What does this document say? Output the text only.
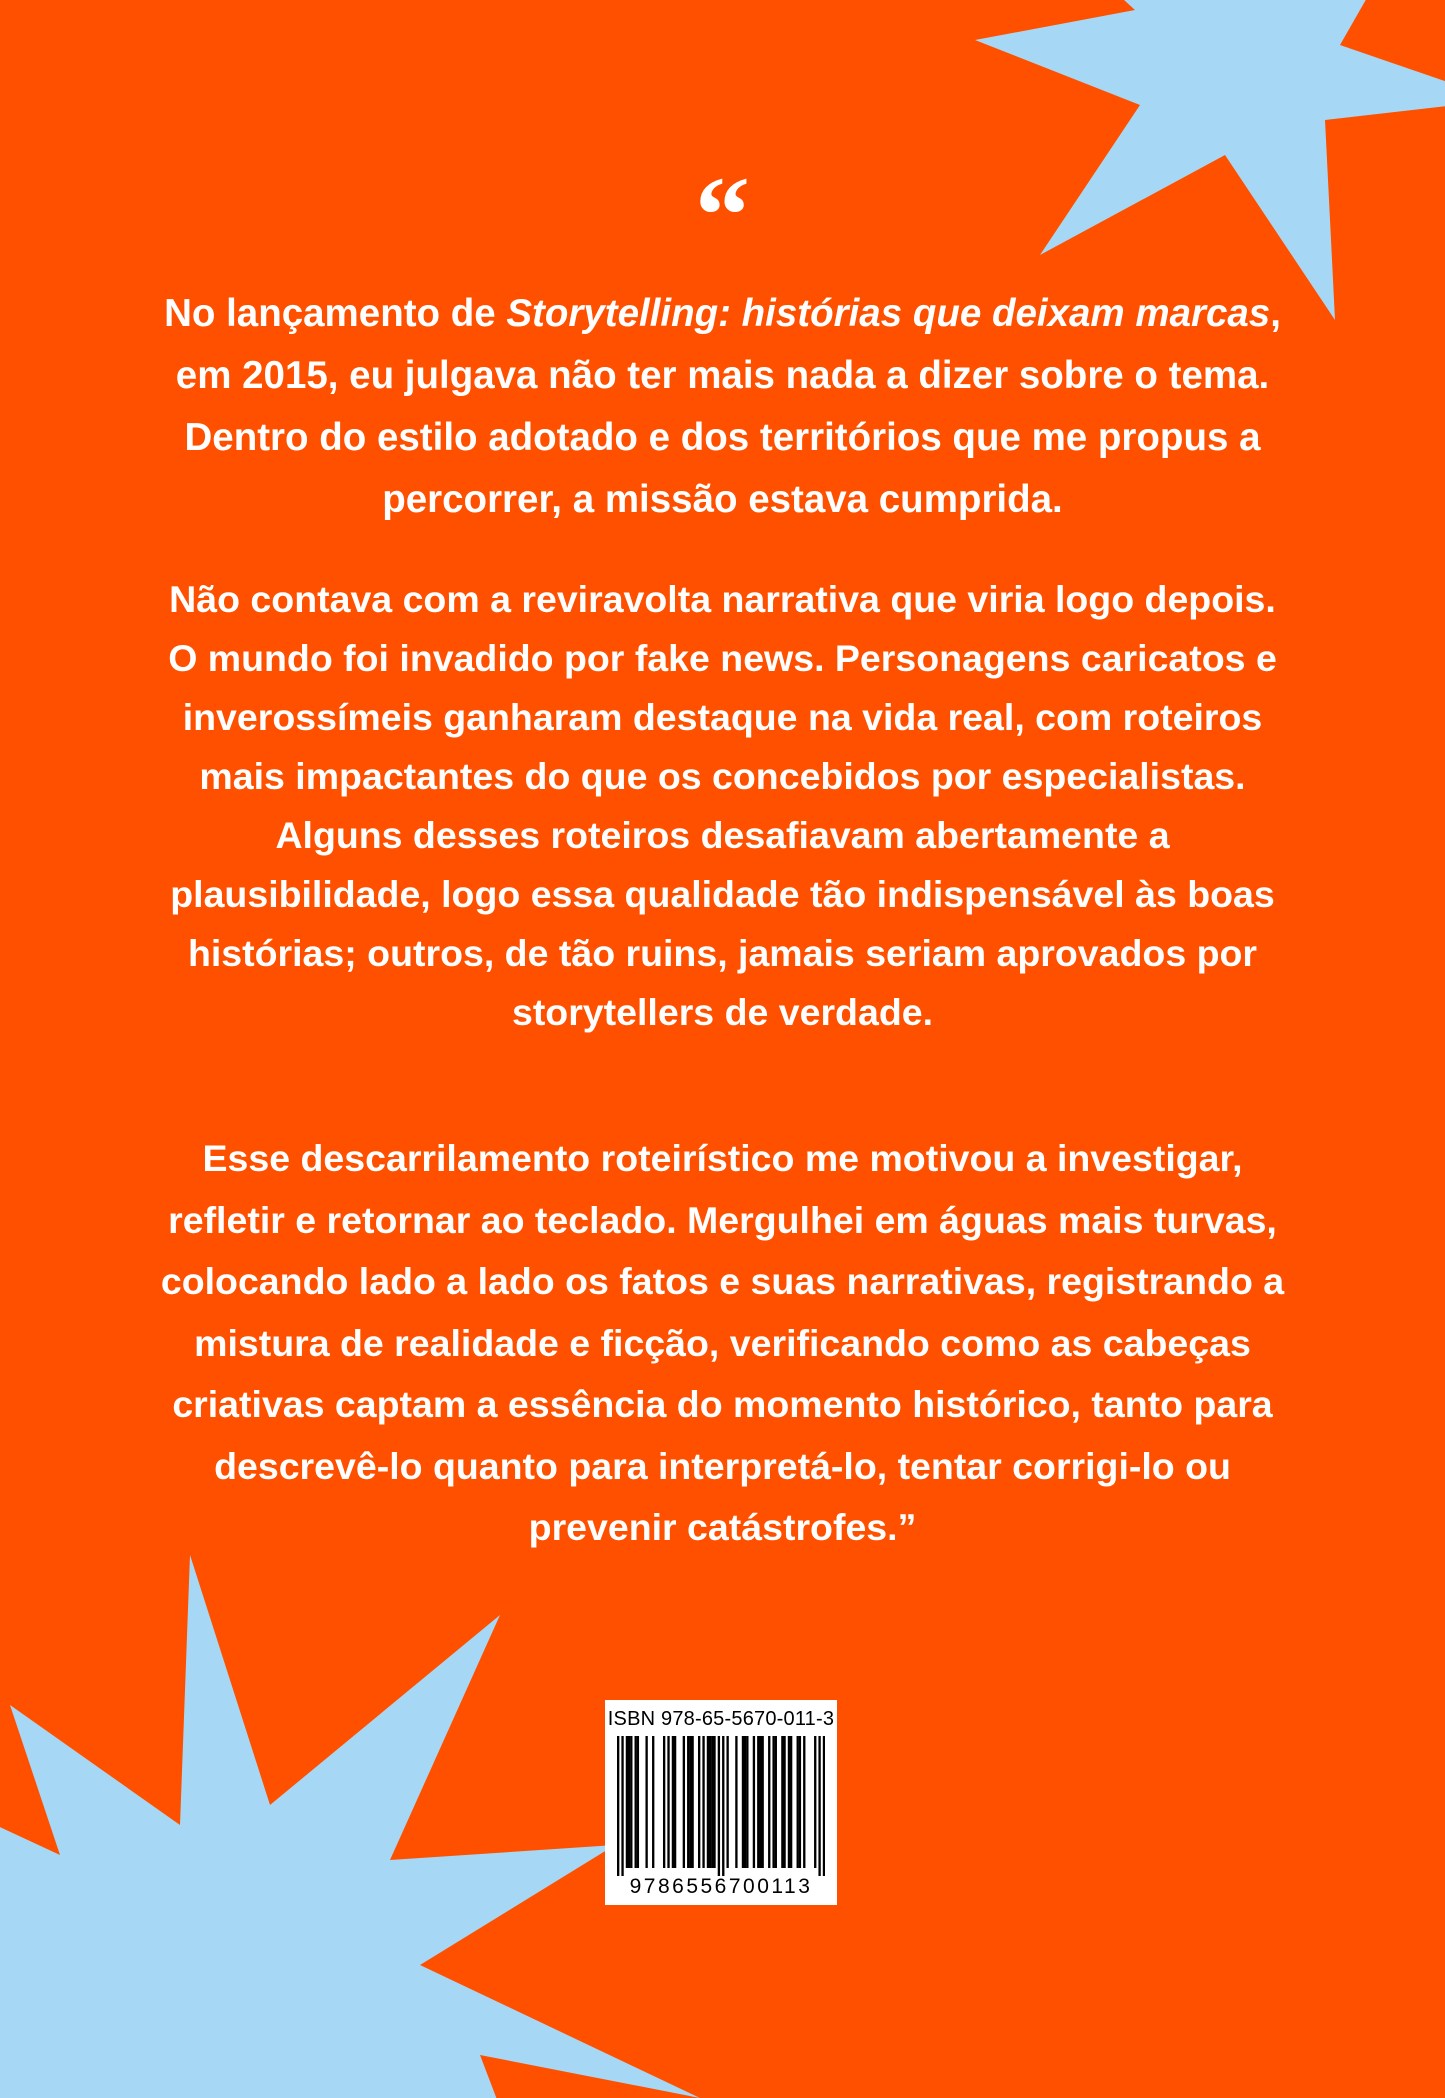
“

No lançamento de Storytelling: histórias que deixam marcas, em 2015, eu julgava não ter mais nada a dizer sobre o tema. Dentro do estilo adotado e dos territórios que me propus a percorrer, a missão estava cumprida.

Não contava com a reviravolta narrativa que viria logo depois. O mundo foi invadido por fake news. Personagens caricatos e inverossímeis ganharam destaque na vida real, com roteiros mais impactantes do que os concebidos por especialistas. Alguns desses roteiros desafiavam abertamente a plausibilidade, logo essa qualidade tão indispensável às boas histórias; outros, de tão ruins, jamais seriam aprovados por storytellers de verdade.

Esse descarrilamento roteirístico me motivou a investigar, refletir e retornar ao teclado. Mergulhei em águas mais turvas, colocando lado a lado os fatos e suas narrativas, registrando a mistura de realidade e ficção, verificando como as cabeças criativas captam a essência do momento histórico, tanto para descrevê-lo quanto para interpretá-lo, tentar corrigi-lo ou prevenir catástrofes.”

ISBN 978-65-5670-011-3
9786556700113
